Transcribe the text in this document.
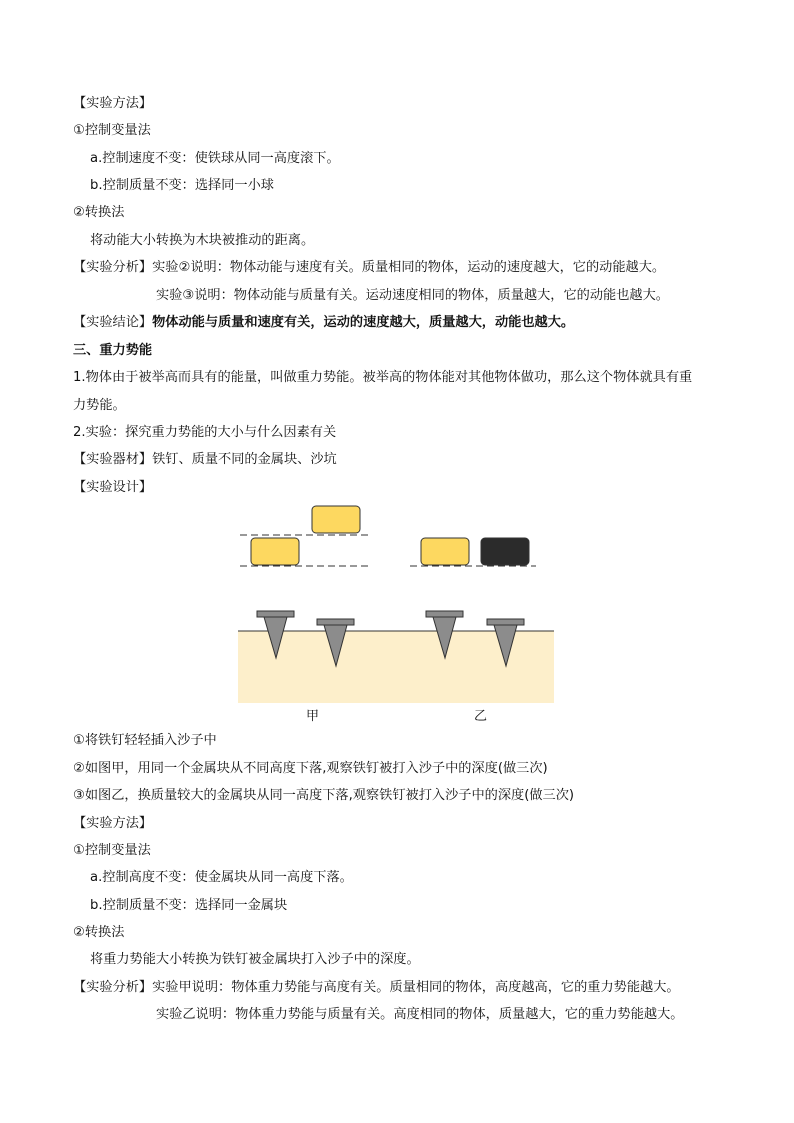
【实验方法】
①控制变量法
a.控制速度不变：使铁球从同一高度滚下。
b.控制质量不变：选择同一小球
②转换法
将动能大小转换为木块被推动的距离。
【实验分析】实验②说明：物体动能与速度有关。质量相同的物体，运动的速度越大，它的动能越大。
实验③说明：物体动能与质量有关。运动速度相同的物体，质量越大，它的动能也越大。
【实验结论】物体动能与质量和速度有关，运动的速度越大，质量越大，动能也越大。
三、重力势能
1.物体由于被举高而具有的能量，叫做重力势能。被举高的物体能对其他物体做功，那么这个物体就具有重
力势能。
2.实验：探究重力势能的大小与什么因素有关
【实验器材】铁钉、质量不同的金属块、沙坑
【实验设计】
甲	乙
①将铁钉轻轻插入沙子中
②如图甲，用同一个金属块从不同高度下落,观察铁钉被打入沙子中的深度(做三次)
③如图乙，换质量较大的金属块从同一高度下落,观察铁钉被打入沙子中的深度(做三次)
【实验方法】
①控制变量法
a.控制高度不变：使金属块从同一高度下落。
b.控制质量不变：选择同一金属块
②转换法
将重力势能大小转换为铁钉被金属块打入沙子中的深度。
【实验分析】实验甲说明：物体重力势能与高度有关。质量相同的物体，高度越高，它的重力势能越大。
实验乙说明：物体重力势能与质量有关。高度相同的物体，质量越大，它的重力势能越大。
